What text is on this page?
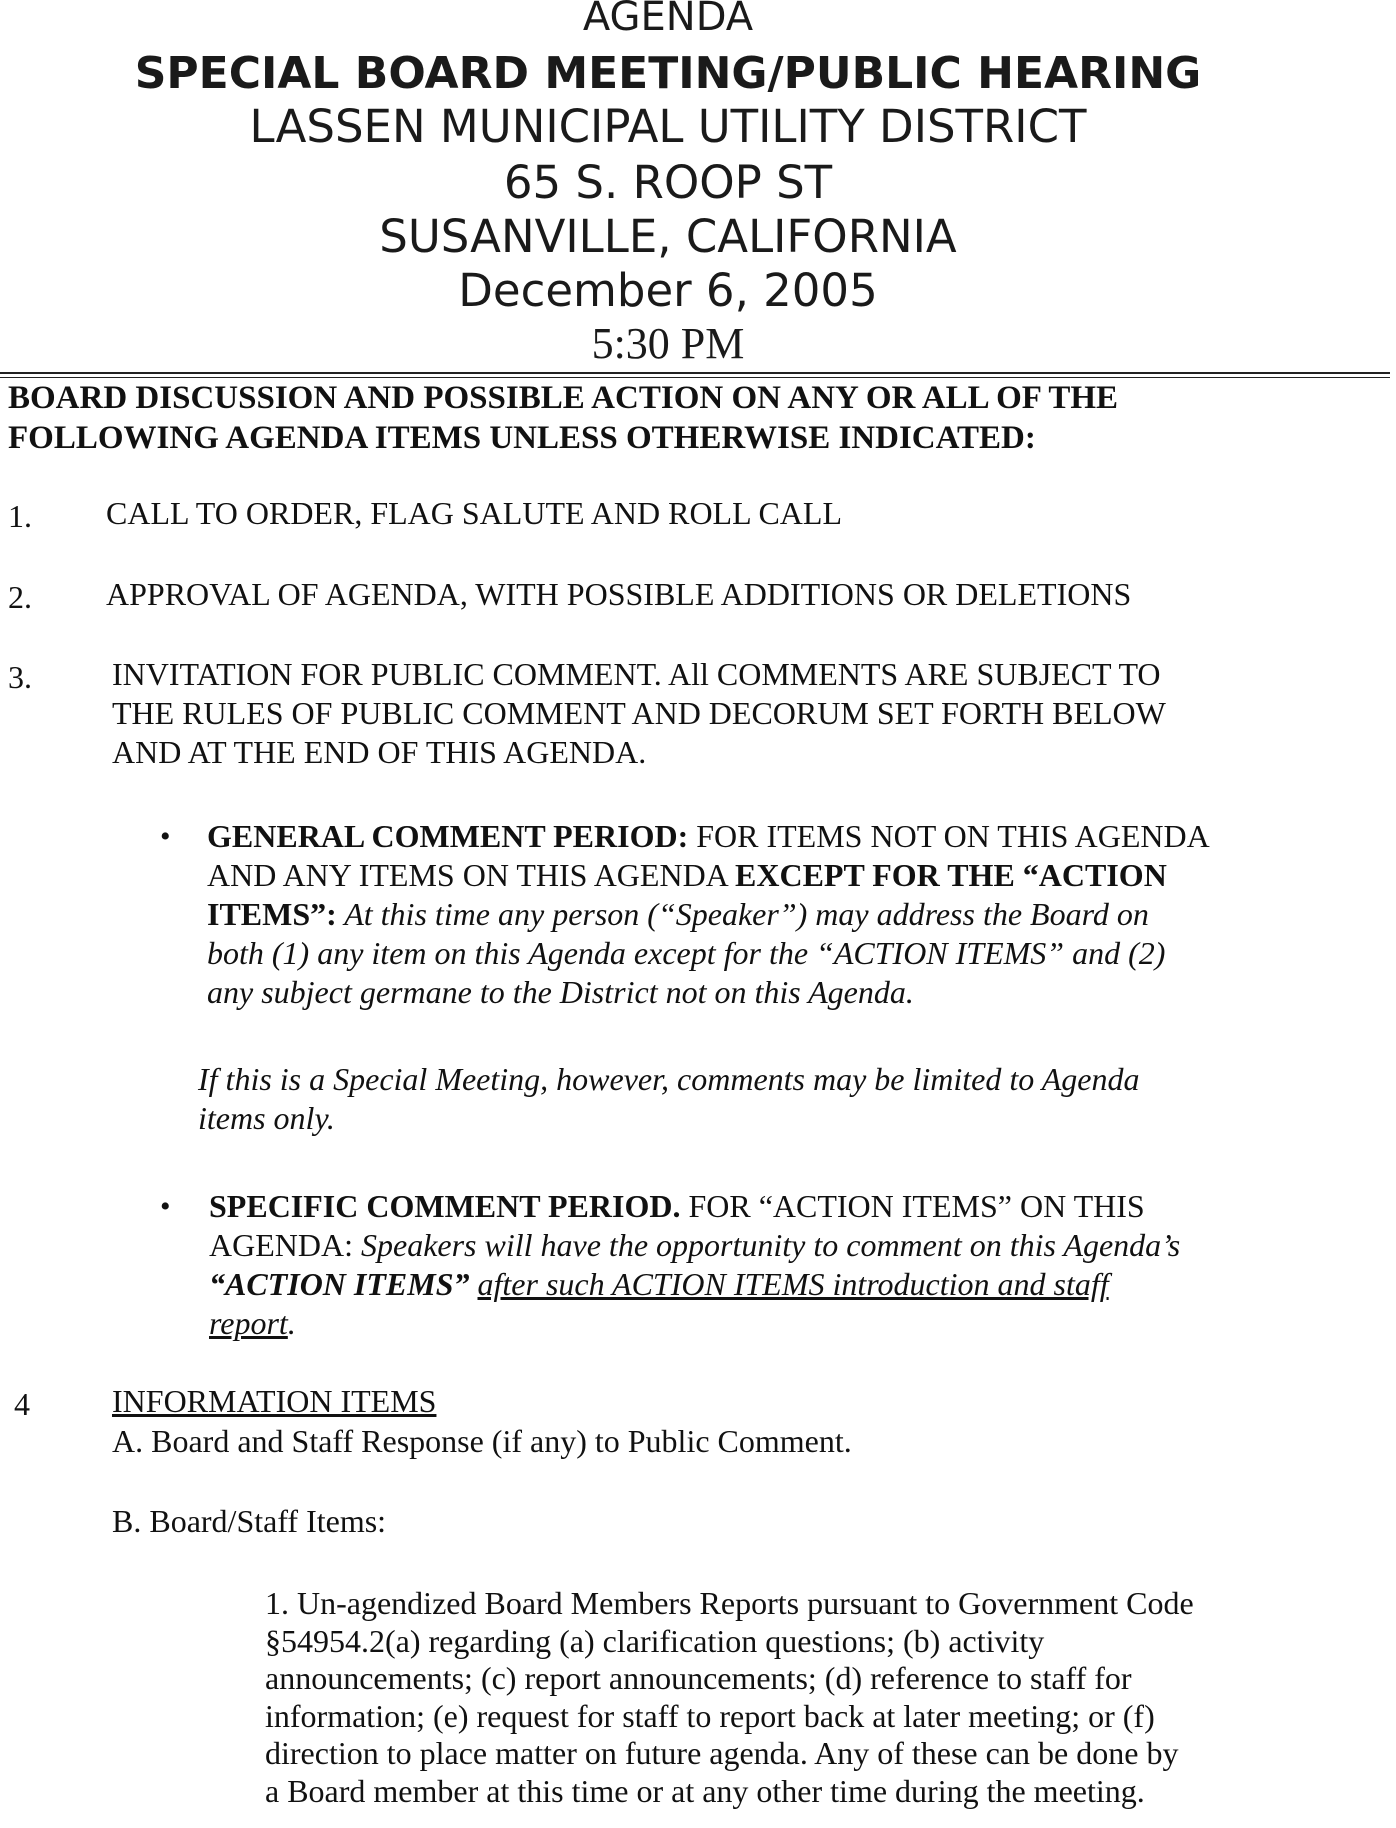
AGENDA
SPECIAL BOARD MEETING/PUBLIC HEARING
LASSEN MUNICIPAL UTILITY DISTRICT
65 S. ROOP ST
SUSANVILLE, CALIFORNIA
December 6, 2005
5:30 PM
BOARD DISCUSSION AND POSSIBLE ACTION ON ANY OR ALL OF THE
FOLLOWING AGENDA ITEMS UNLESS OTHERWISE INDICATED:
1. CALL TO ORDER, FLAG SALUTE AND ROLL CALL
2. APPROVAL OF AGENDA, WITH POSSIBLE ADDITIONS OR DELETIONS
3.	INVITATION FOR PUBLIC COMMENT. All COMMENTS ARE SUBJECT TO
THE RULES OF PUBLIC COMMENT AND DECORUM SET FORTH BELOW
AND AT THE END OF THIS AGENDA.
• GENERAL COMMENT PERIOD: FOR ITEMS NOT ON THIS AGENDA
AND ANY ITEMS ON THIS AGENDA EXCEPT FOR THE “ACTION
ITEMS”: At this time any person (“Speaker”) may address the Board on
both (1) any item on this Agenda except for the “ACTION ITEMS” and (2)
any subject germane to the District not on this Agenda.
If this is a Special Meeting, however, comments may be limited to Agenda
items only.
• SPECIFIC COMMENT PERIOD. FOR “ACTION ITEMS” ON THIS
AGENDA: Speakers will have the opportunity to comment on this Agenda’s
“ACTION ITEMS” after such ACTION ITEMS introduction and staff
report.
4	INFORMATION ITEMS
A. Board and Staff Response (if any) to Public Comment.
B. Board/Staff Items:
1. Un-agendized Board Members Reports pursuant to Government Code
§54954.2(a) regarding (a) clarification questions; (b) activity
announcements; (c) report announcements; (d) reference to staff for
information; (e) request for staff to report back at later meeting; or (f)
direction to place matter on future agenda. Any of these can be done by
a Board member at this time or at any other time during the meeting.
